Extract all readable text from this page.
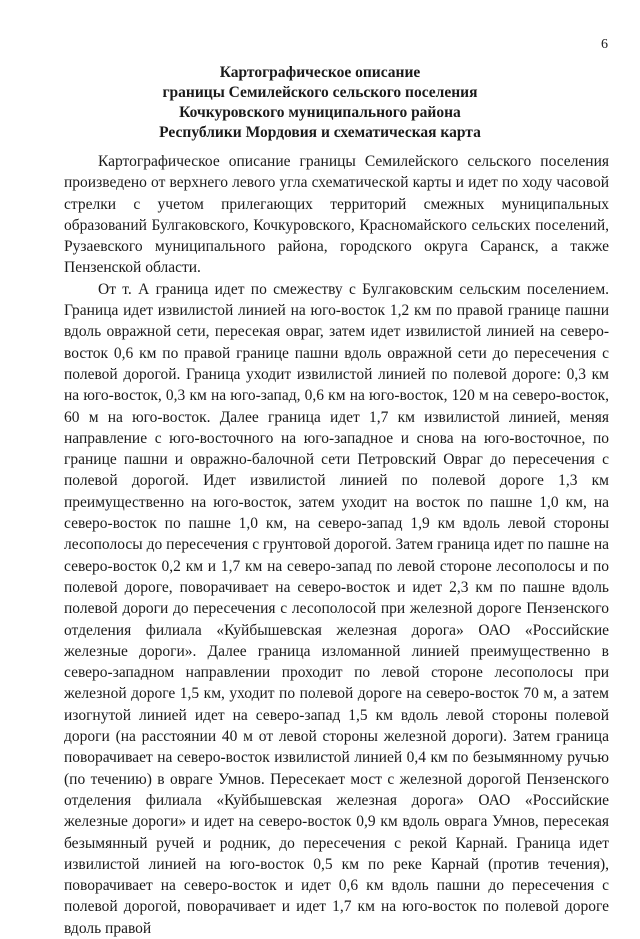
6
Картографическое описание
границы Семилейского сельского поселения
Кочкуровского муниципального района
Республики Мордовия и схематическая карта

Картографическое описание границы Семилейского сельского поселения произведено от верхнего левого угла схематической карты и идет по ходу часовой стрелки с учетом прилегающих территорий смежных муниципальных образований Булгаковского, Кочкуровского, Красномайского сельских поселений, Рузаевского муниципального района, городского округа Саранск, а также Пензенской области.

От т. А граница идет по смежеству с Булгаковским сельским поселением. Граница идет извилистой линией на юго-восток 1,2 км по правой границе пашни вдоль овражной сети, пересекая овраг, затем идет извилистой линией на северо-восток 0,6 км по правой границе пашни вдоль овражной сети до пересечения с полевой дорогой. Граница уходит извилистой линией по полевой дороге: 0,3 км на юго-восток, 0,3 км на юго-запад, 0,6 км на юго-восток, 120 м на северо-восток, 60 м на юго-восток. Далее граница идет 1,7 км извилистой линией, меняя направление с юго-восточного на юго-западное и снова на юго-восточное, по границе пашни и овражно-балочной сети Петровский Овраг до пересечения с полевой дорогой. Идет извилистой линией по полевой дороге 1,3 км преимущественно на юго-восток, затем уходит на восток по пашне 1,0 км, на северо-восток по пашне 1,0 км, на северо-запад 1,9 км вдоль левой стороны лесополосы до пересечения с грунтовой дорогой. Затем граница идет по пашне на северо-восток 0,2 км и 1,7 км на северо-запад по левой стороне лесополосы и по полевой дороге, поворачивает на северо-восток и идет 2,3 км по пашне вдоль полевой дороги до пересечения с лесополосой при железной дороге Пензенского отделения филиала «Куйбышевская железная дорога» ОАО «Российские железные дороги». Далее граница изломанной линией преимущественно в северо-западном направлении проходит по левой стороне лесополосы при железной дороге 1,5 км, уходит по полевой дороге на северо-восток 70 м, а затем изогнутой линией идет на северо-запад 1,5 км вдоль левой стороны полевой дороги (на расстоянии 40 м от левой стороны железной дороги). Затем граница поворачивает на северо-восток извилистой линией 0,4 км по безымянному ручью (по течению) в овраге Умнов. Пересекает мост с железной дорогой Пензенского отделения филиала «Куйбышевская железная дорога» ОАО «Российские железные дороги» и идет на северо-восток 0,9 км вдоль оврага Умнов, пересекая безымянный ручей и родник, до пересечения с рекой Карнай. Граница идет извилистой линией на юго-восток 0,5 км по реке Карнай (против течения), поворачивает на северо-восток и идет 0,6 км вдоль пашни до пересечения с полевой дорогой, поворачивает и идет 1,7 км на юго-восток по полевой дороге вдоль правой
